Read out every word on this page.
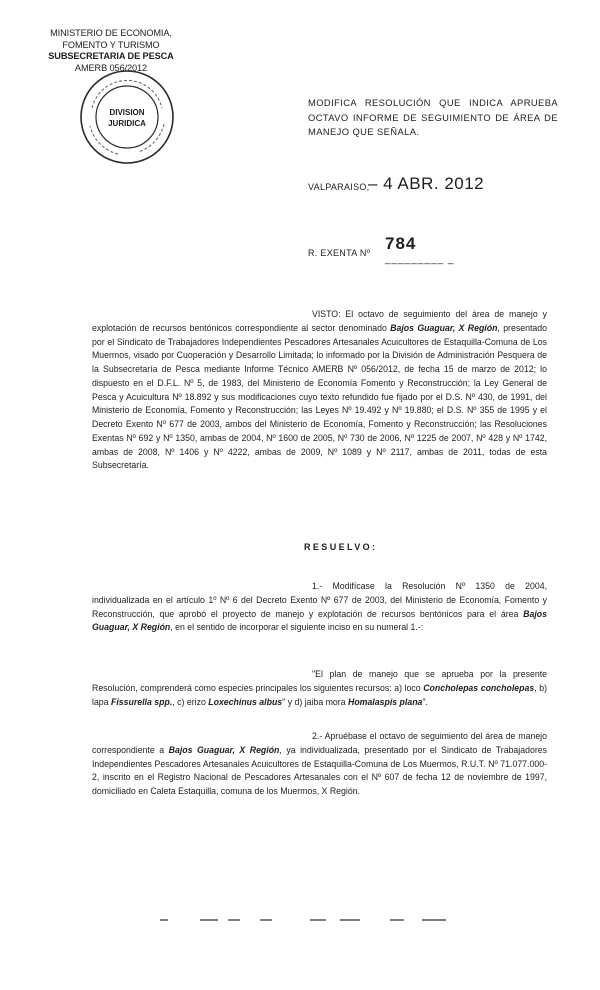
MINISTERIO DE ECONOMIA,
FOMENTO Y TURISMO
SUBSECRETARIA DE PESCA
AMERB 056/2012
DIVISION
JURIDICA
MODIFICA RESOLUCIÓN QUE INDICA APRUEBA OCTAVO INFORME DE SEGUIMIENTO DE ÁREA DE MANEJO QUE SEÑALA.
VALPARAISO,
– 4 ABR. 2012
R. EXENTA Nº 784
_________ _
VISTO: El octavo de seguimiento del área de manejo y explotación de recursos bentónicos correspondiente al sector denominado Bajos Guaguar, X Región, presentado por el Sindicato de Trabajadores Independientes Pescadores Artesanales Acuicultores de Estaquilla-Comuna de Los Muermos, visado por Cuoperación y Desarrollo Limitada; lo informado por la División de Administración Pesquera de la Subsecretaría de Pesca mediante Informe Técnico AMERB Nº 056/2012, de fecha 15 de marzo de 2012; lo dispuesto en el D.F.L. Nº 5, de 1983, del Ministerio de Economía Fomento y Reconstrucción; la Ley General de Pesca y Acuicultura Nº 18.892 y sus modificaciones cuyo texto refundido fue fijado por el D.S. Nº 430, de 1991, del Ministerio de Economía, Fomento y Reconstrucción; las Leyes Nº 19.492 y Nº 19.880; el D.S. Nº 355 de 1995 y el Decreto Exento Nº 677 de 2003, ambos del Ministerio de Economía, Fomento y Reconstrucción; las Resoluciones Exentas Nº 692 y Nº 1350, ambas de 2004, Nº 1600 de 2005, Nº 730 de 2006, Nº 1225 de 2007, Nº 428 y Nº 1742, ambas de 2008, Nº 1406 y Nº 4222, ambas de 2009, Nº 1089 y Nº 2117, ambas de 2011, todas de esta Subsecretaría.
RESUELVO:
1.- Modifícase la Resolución Nº 1350 de 2004, individualizada en el artículo 1º Nº 6 del Decreto Exento Nº 677 de 2003, del Ministerio de Economía, Fomento y Reconstrucción, que aprobó el proyecto de manejo y explotación de recursos bentónicos para el área Bajos Guaguar, X Región, en el sentido de incorporar el siguiente inciso en su numeral 1.-:
"El plan de manejo que se aprueba por la presente Resolución, comprenderá como especies principales los siguientes recursos: a) loco Concholepas concholepas, b) lapa Fissurella spp., c) erizo Loxechinus albus" y d) jaiba mora Homalaspis plana".
2.- Apruébase el octavo de seguimiento del área de manejo correspondiente a Bajos Guaguar, X Región, ya individualizada, presentado por el Sindicato de Trabajadores Independientes Pescadores Artesanales Acuicultores de Estaquilla-Comuna de Los Muermos, R.U.T. Nº 71.077.000-2, inscrito en el Registro Nacional de Pescadores Artesanales con el Nº 607 de fecha 12 de noviembre de 1997, domiciliado en Caleta Estaquilla, comuna de los Muermos, X Región.
